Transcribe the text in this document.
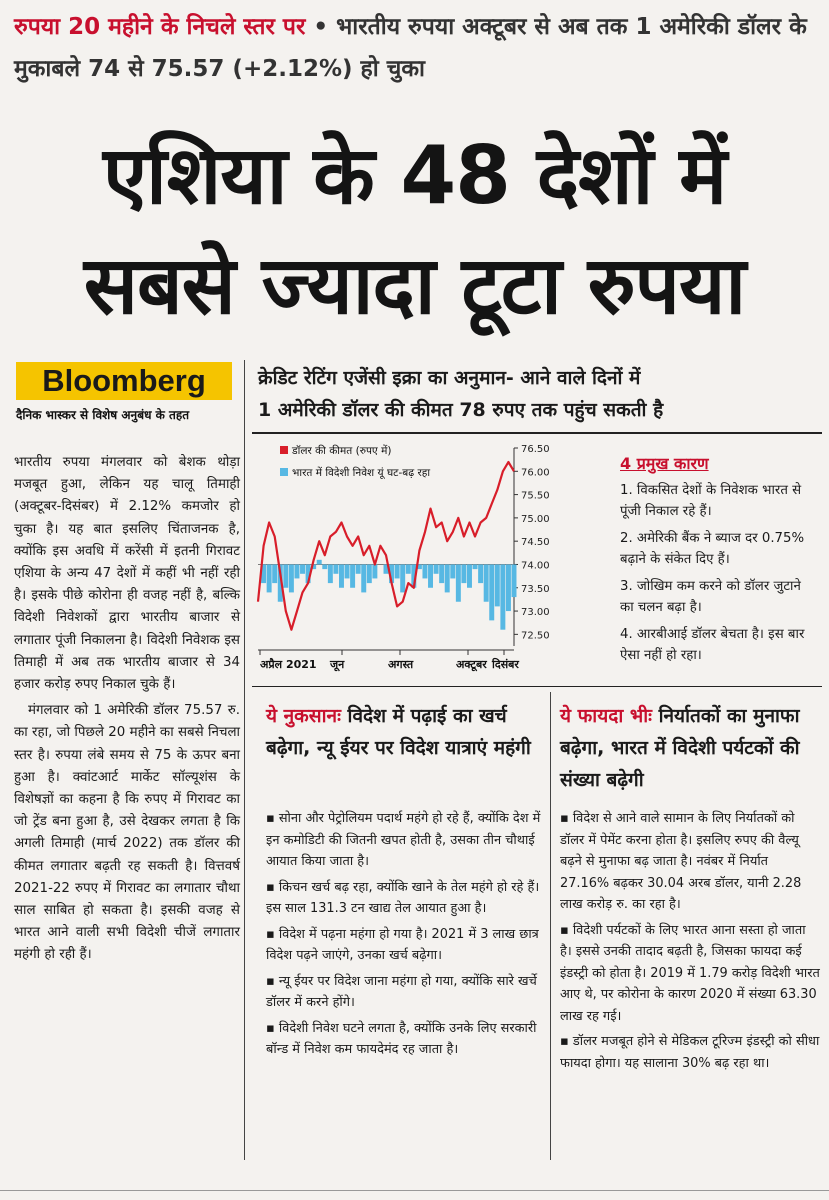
रुपया 20 महीने के निचले स्तर पर • भारतीय रुपया अक्टूबर से अब तक 1 अमेरिकी डॉलर के मुकाबले 74 से 75.57 (+2.12%) हो चुका
एशिया के 48 देशों में
सबसे ज्यादा टूटा रुपया
Bloomberg
दैनिक भास्कर से विशेष अनुबंध के तहत

भारतीय रुपया मंगलवार को बेशक थोड़ा मजबूत हुआ, लेकिन यह चालू तिमाही (अक्टूबर-दिसंबर) में 2.12% कमजोर हो चुका है। यह बात इसलिए चिंताजनक है, क्योंकि इस अवधि में करेंसी में इतनी गिरावट एशिया के अन्य 47 देशों में कहीं भी नहीं रही है। इसके पीछे कोरोना ही वजह नहीं है, बल्कि विदेशी निवेशकों द्वारा भारतीय बाजार से लगातार पूंजी निकालना है। विदेशी निवेशक इस तिमाही में अब तक भारतीय बाजार से 34 हजार करोड़ रुपए निकाल चुके हैं।

मंगलवार को 1 अमेरिकी डॉलर 75.57 रु. का रहा, जो पिछले 20 महीने का सबसे निचला स्तर है। रुपया लंबे समय से 75 के ऊपर बना हुआ है। क्वांटआर्ट मार्केट सॉल्यूशंस के विशेषज्ञों का कहना है कि रुपए में गिरावट का जो ट्रेंड बना हुआ है, उसे देखकर लगता है कि अगली तिमाही (मार्च 2022) तक डॉलर की कीमत लगातार बढ़ती रह सकती है। वित्तवर्ष 2021-22 रुपए में गिरावट का लगातार चौथा साल साबित हो सकता है। इसकी वजह से भारत आने वाली सभी विदेशी चीजें लगातार महंगी हो रही हैं।

क्रेडिट रेटिंग एजेंसी इक्रा का अनुमान- आने वाले दिनों में
1 अमेरिकी डॉलर की कीमत 78 रुपए तक पहुंच सकती है
डॉलर की कीमत (रुपए में)
भारत में विदेशी निवेश यूं घट-बढ़ रहा
76.50
76.00
75.50
75.00
74.50
74.00
73.50
73.00
72.50
अप्रैल 2021 जून	अगस्त	अक्टूबर दिसंबर
4 प्रमुख कारण

1. विकसित देशों के निवेशक भारत से पूंजी निकाल रहे हैं।

2. अमेरिकी बैंक ने ब्याज दर 0.75% बढ़ाने के संकेत दिए हैं।

3. जोखिम कम करने को डॉलर जुटाने का चलन बढ़ा है।

4. आरबीआई डॉलर बेचता है। इस बार ऐसा नहीं हो रहा।

ये नुकसानः विदेश में पढ़ाई का खर्च बढ़ेगा, न्यू ईयर पर विदेश यात्राएं महंगी

▪ सोना और पेट्रोलियम पदार्थ महंगे हो रहे हैं, क्योंकि देश में इन कमोडिटी की जितनी खपत होती है, उसका तीन चौथाई आयात किया जाता है।

▪ किचन खर्च बढ़ रहा, क्योंकि खाने के तेल महंगे हो रहे हैं। इस साल 131.3 टन खाद्य तेल आयात हुआ है।

▪ विदेश में पढ़ना महंगा हो गया है। 2021 में 3 लाख छात्र विदेश पढ़ने जाएंगे, उनका खर्च बढ़ेगा।

▪ न्यू ईयर पर विदेश जाना महंगा हो गया, क्योंकि सारे खर्चे डॉलर में करने होंगे।

▪ विदेशी निवेश घटने लगता है, क्योंकि उनके लिए सरकारी बॉन्ड में निवेश कम फायदेमंद रह जाता है।

ये फायदा भीः निर्यातकों का मुनाफा बढ़ेगा, भारत में विदेशी पर्यटकों की संख्या बढ़ेगी

▪ विदेश से आने वाले सामान के लिए निर्यातकों को डॉलर में पेमेंट करना होता है। इसलिए रुपए की वैल्यू बढ़ने से मुनाफा बढ़ जाता है। नवंबर में निर्यात 27.16% बढ़कर 30.04 अरब डॉलर, यानी 2.28 लाख करोड़ रु. का रहा है।

▪ विदेशी पर्यटकों के लिए भारत आना सस्ता हो जाता है। इससे उनकी तादाद बढ़ती है, जिसका फायदा कई इंडस्ट्री को होता है। 2019 में 1.79 करोड़ विदेशी भारत आए थे, पर कोरोना के कारण 2020 में संख्या 63.30 लाख रह गई।

▪ डॉलर मजबूत होने से मेडिकल टूरिज्म इंडस्ट्री को सीधा फायदा होगा। यह सालाना 30% बढ़ रहा था।
